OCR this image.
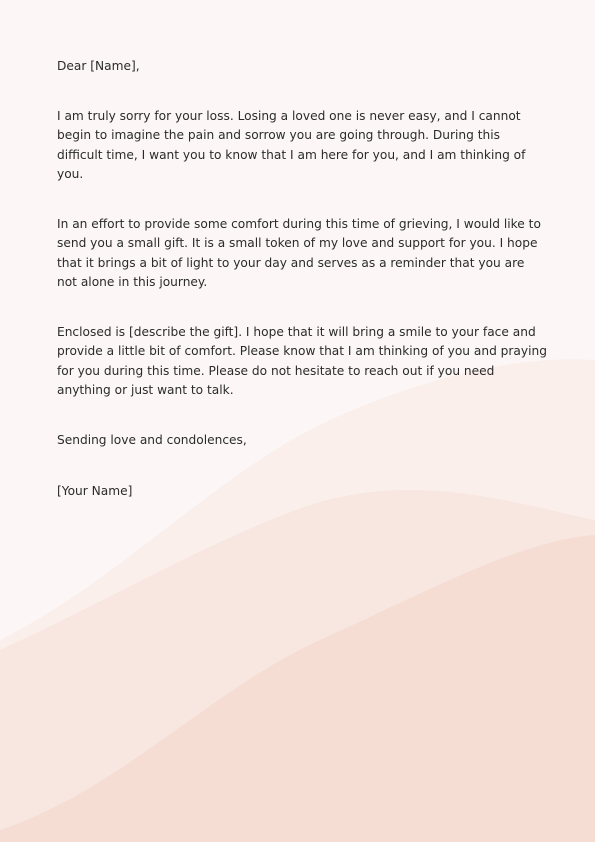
Dear [Name],

I am truly sorry for your loss. Losing a loved one is never easy, and I cannot begin to imagine the pain and sorrow you are going through. During this difficult time, I want you to know that I am here for you, and I am thinking of you.

In an effort to provide some comfort during this time of grieving, I would like to send you a small gift. It is a small token of my love and support for you. I hope that it brings a bit of light to your day and serves as a reminder that you are not alone in this journey.

Enclosed is [describe the gift]. I hope that it will bring a smile to your face and provide a little bit of comfort. Please know that I am thinking of you and praying for you during this time. Please do not hesitate to reach out if you need anything or just want to talk.

Sending love and condolences,

[Your Name]
